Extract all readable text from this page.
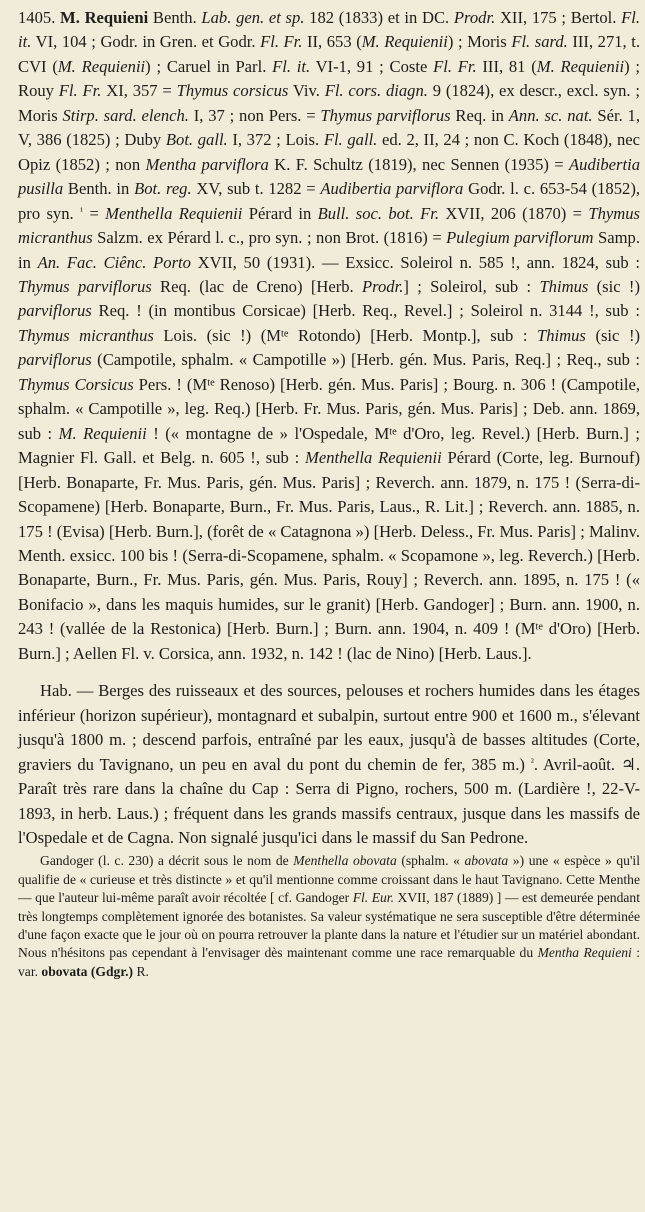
1405. M. Requieni Benth. Lab. gen. et sp. 182 (1833) et in DC. Prodr. XII, 175 ; Bertol. Fl. it. VI, 104 ; Godr. in Gren. et Godr. Fl. Fr. II, 653 (M. Requienii) ; Moris Fl. sard. III, 271, t. CVI (M. Requienii) ; Caruel in Parl. Fl. it. VI-1, 91 ; Coste Fl. Fr. III, 81 (M. Requienii) ; Rouy Fl. Fr. XI, 357 = Thymus corsicus Viv. Fl. cors. diagn. 9 (1824), ex descr., excl. syn. ; Moris Stirp. sard. elench. I, 37 ; non Pers. = Thymus parviflorus Req. in Ann. sc. nat. Sér. 1, V, 386 (1825) ; Duby Bot. gall. I, 372 ; Lois. Fl. gall. ed. 2, II, 24 ; non C. Koch (1848), nec Opiz (1852) ; non Mentha parviflora K. F. Schultz (1819), nec Sennen (1935) = Audibertia pusilla Benth. in Bot. reg. XV, sub t. 1282 = Audibertia parviflora Godr. l. c. 653-54 (1852), pro syn. $^{^1}$ = Menthella Requienii Pérard in Bull. soc. bot. Fr. XVII, 206 (1870) = Thymus micranthus Salzm. ex Pérard l. c., pro syn. ; non Brot. (1816) = Pulegium parviflorum Samp. in An. Fac. Ciênc. Porto XVII, 50 (1931). — Exsicc. Soleirol n. 585 !, ann. 1824, sub : Thymus parviflorus Req. (lac de Creno) [Herb. Prodr.] ; Soleirol, sub : Thimus (sic !) parviflorus Req. ! (in montibus Corsicae) [Herb. Req., Revel.] ; Soleirol n. 3144 !, sub : Thymus micranthus Lois. (sic !) ($M^{te}$ Rotondo) [Herb. Montp.], sub : Thimus (sic !) parviflorus (Campotile, sphalm. « Campotille ») [Herb. gén. Mus. Paris, Req.] ; Req., sub : Thymus Corsicus Pers. ! ($M^{te}$ Renoso) [Herb. gén. Mus. Paris] ; Bourg. n. 306 ! (Campotile, sphalm. « Campotille », leg. Req.) [Herb. Fr. Mus. Paris, gén. Mus. Paris] ; Deb. ann. 1869, sub : M. Requienii ! (« montagne de » l'Ospedale, $M^{te}$ d'Oro, leg. Revel.) [Herb. Burn.] ; Magnier Fl. Gall. et Belg. n. 605 !, sub : Menthella Requienii Pérard (Corte, leg. Burnouf) [Herb. Bonaparte, Fr. Mus. Paris, gén. Mus. Paris] ; Reverch. ann. 1879, n. 175 ! (Serra-di-Scopamene) [Herb. Bonaparte, Burn., Fr. Mus. Paris, Laus., R. Lit.] ; Reverch. ann. 1885, n. 175 ! (Evisa) [Herb. Burn.], (forêt de « Catagnona ») [Herb. Deless., Fr. Mus. Paris] ; Malinv. Menth. exsicc. 100 bis ! (Serra-di-Scopamene, sphalm. « Scopamone », leg. Reverch.) [Herb. Bonaparte, Burn., Fr. Mus. Paris, gén. Mus. Paris, Rouy] ; Reverch. ann. 1895, n. 175 ! (« Bonifacio », dans les maquis humides, sur le granit) [Herb. Gandoger] ; Burn. ann. 1900, n. 243 ! (vallée de la Restonica) [Herb. Burn.] ; Burn. ann. 1904, n. 409 ! ($M^{te}$ d'Oro) [Herb. Burn.] ; Aellen Fl. v. Corsica, ann. 1932, n. 142 ! (lac de Nino) [Herb. Laus.].

Hab. — Berges des ruisseaux et des sources, pelouses et rochers humides dans les étages inférieur (horizon supérieur), montagnard et subalpin, surtout entre 900 et 1600 m., s'élevant jusqu'à 1800 m. ; descend parfois, entraîné par les eaux, jusqu'à de basses altitudes (Corte, graviers du Tavignano, un peu en aval du pont du chemin de fer, 385 m.) $^{^2}$. Avril-août. ♃. Paraît très rare dans la chaîne du Cap : Serra di Pigno, rochers, 500 m. (Lardière !, 22-V-1893, in herb. Laus.) ; fréquent dans les grands massifs centraux, jusque dans les massifs de l'Ospedale et de Cagna. Non signalé jusqu'ici dans le massif du San Pedrone.

Gandoger (l. c. 230) a décrit sous le nom de Menthella obovata (sphalm. « abovata ») une « espèce » qu'il qualifie de « curieuse et très distincte » et qu'il mentionne comme croissant dans le haut Tavignano. Cette Menthe — que l'auteur lui-même paraît avoir récoltée [ cf. Gandoger Fl. Eur. XVII, 187 (1889) ] — est demeurée pendant très longtemps complètement ignorée des botanistes. Sa valeur systématique ne sera susceptible d'être déterminée d'une façon exacte que le jour où on pourra retrouver la plante dans la nature et l'étudier sur un matériel abondant. Nous n'hésitons pas cependant à l'envisager dès maintenant comme une race remarquable du Mentha Requieni : var. obovata (Gdgr.) R.
